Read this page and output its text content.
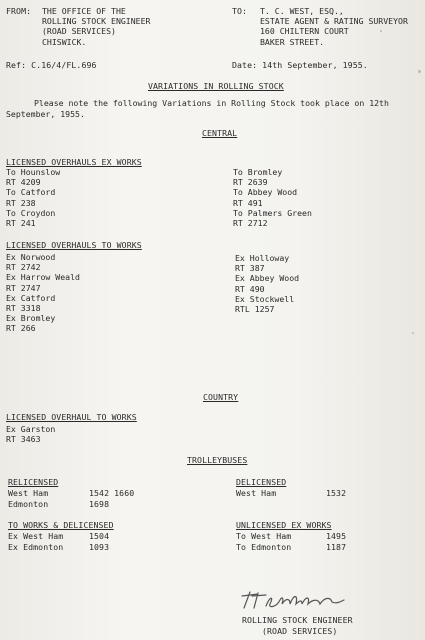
FROM: THE OFFICE OF THE
ROLLING STOCK ENGINEER
(ROAD SERVICES)
CHISWICK.
TO: T. C. WEST, ESQ.,
ESTATE AGENT & RATING SURVEYOR
160 CHILTERN COURT
BAKER STREET.
Ref: C.16/4/FL.696	Date: 14th September, 1955.
VARIATIONS IN ROLLING STOCK
Please note the following Variations in Rolling Stock took place on 12th September, 1955.
CENTRAL
LICENSED OVERHAULS EX WORKS
To Hounslow
RT 4209
To Catford
RT 238
To Croydon
RT 241
To Bromley
RT 2639
To Abbey Wood
RT 491
To Palmers Green
RT 2712
LICENSED OVERHAULS TO WORKS
Ex Norwood
RT 2742
Ex Harrow Weald
RT 2747
Ex Catford
RT 3318
Ex Bromley
RT 266
Ex Holloway
RT 387
Ex Abbey Wood
RT 490
Ex Stockwell
RTL 1257
COUNTRY
LICENSED OVERHAUL TO WORKS
Ex Garston
RT 3463
TROLLEYBUSES
RELICENSED
West Ham	1542 1660
Edmonton	1698
DELICENSED
West Ham	1532
TO WORKS & DELICENSED
Ex West Ham	1504
Ex Edmonton	1093
UNLICENSED EX WORKS
To West Ham	1495
To Edmonton	1187
ROLLING STOCK ENGINEER
(ROAD SERVICES)
